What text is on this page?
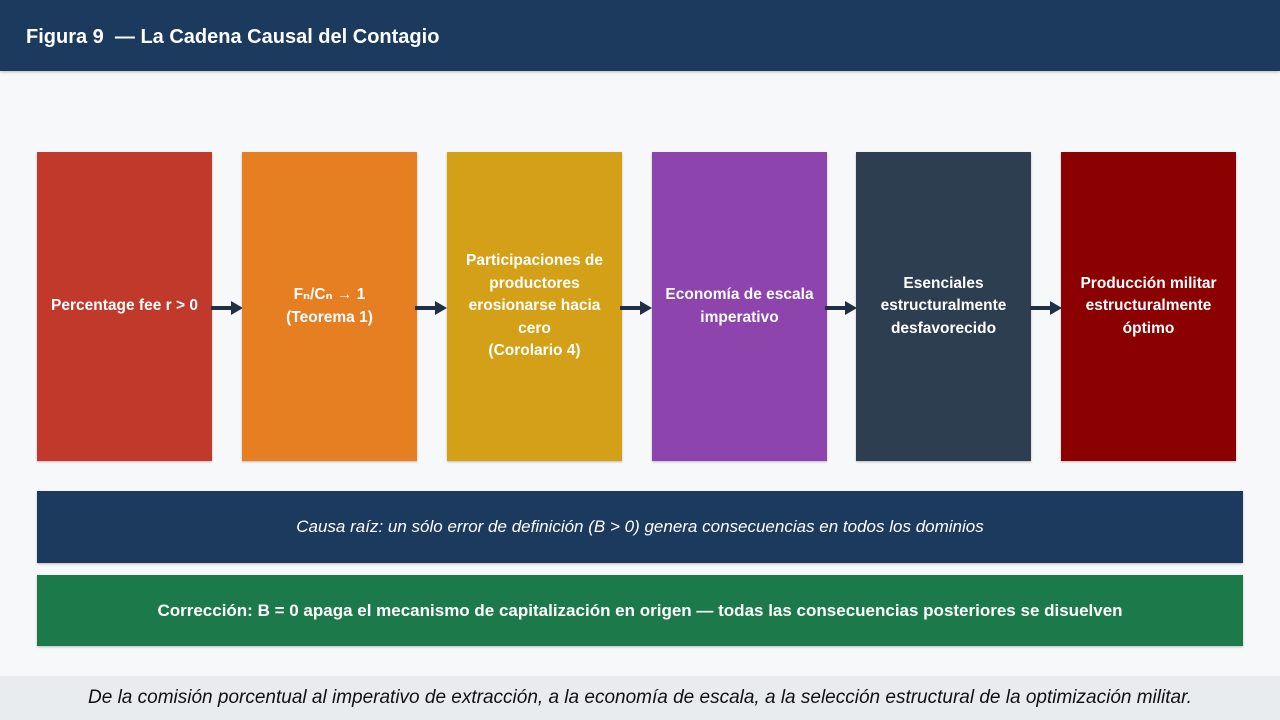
Figura 9  — La Cadena Causal del Contagio
Percentage fee r > 0
Fₙ/Cₙ → 1
(Teorema 1)
Participaciones de productores erosionarse hacia cero
(Corolario 4)
Economía de escala imperativo
Esenciales estructuralmente desfavorecido
Producción militar estructuralmente óptimo
Causa raíz: un sólo error de definición (B > 0) genera consecuencias en todos los dominios
Corrección: B = 0 apaga el mecanismo de capitalización en origen — todas las consecuencias posteriores se disuelven
De la comisión porcentual al imperativo de extracción, a la economía de escala, a la selección estructural de la optimización militar.
